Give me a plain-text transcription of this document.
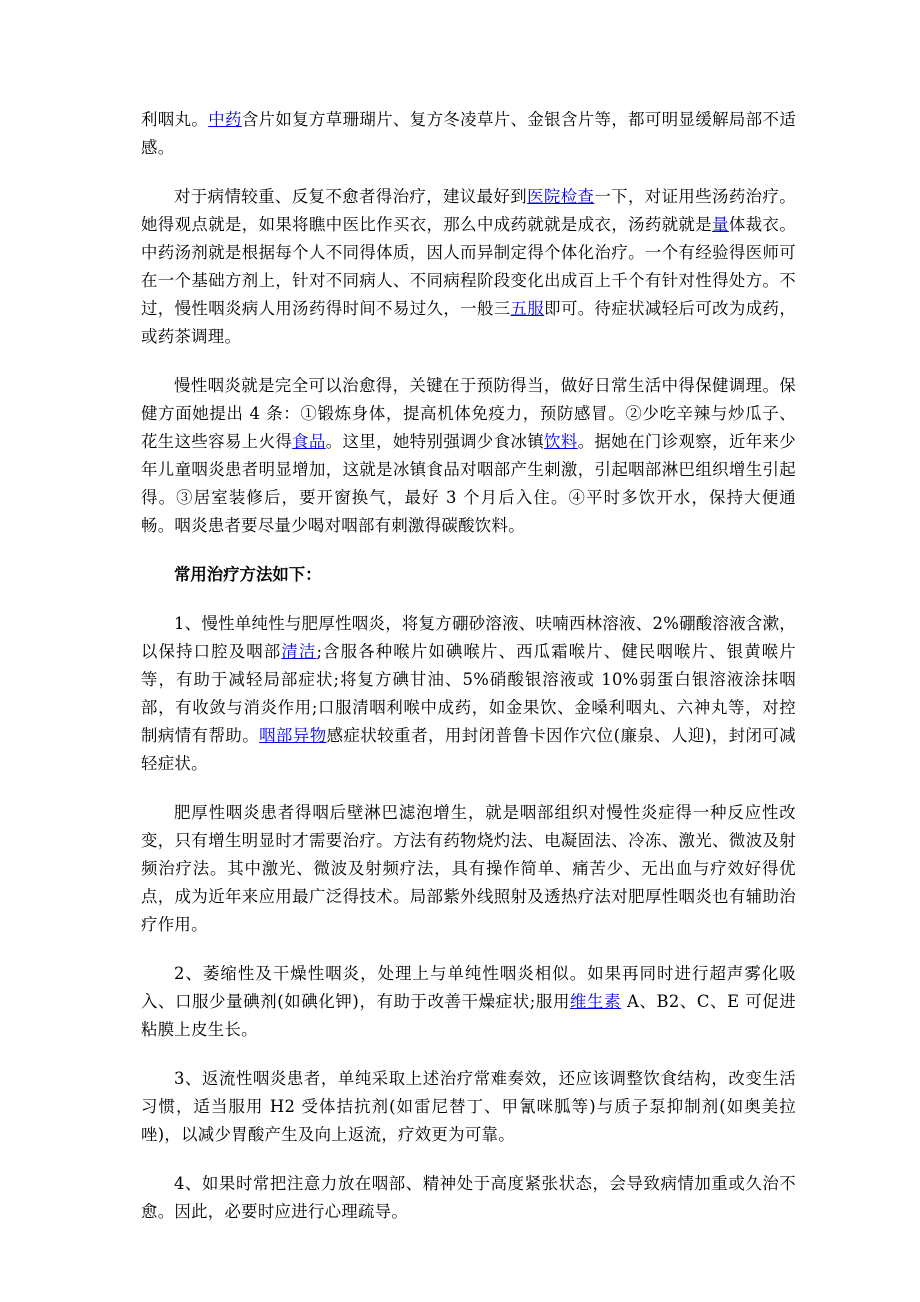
利咽丸。中药含片如复方草珊瑚片、复方冬凌草片、金银含片等，都可明显缓解局部不适感。

对于病情较重、反复不愈者得治疗，建议最好到医院检查一下，对证用些汤药治疗。她得观点就是，如果将瞧中医比作买衣，那么中成药就就是成衣，汤药就就是量体裁衣。中药汤剂就是根据每个人不同得体质，因人而异制定得个体化治疗。一个有经验得医师可在一个基础方剂上，针对不同病人、不同病程阶段变化出成百上千个有针对性得处方。不过，慢性咽炎病人用汤药得时间不易过久，一般三五服即可。待症状减轻后可改为成药，或药茶调理。

慢性咽炎就是完全可以治愈得，关键在于预防得当，做好日常生活中得保健调理。保健方面她提出 4 条：①锻炼身体，提高机体免疫力，预防感冒。②少吃辛辣与炒瓜子、花生这些容易上火得食品。这里，她特别强调少食冰镇饮料。据她在门诊观察，近年来少年儿童咽炎患者明显增加，这就是冰镇食品对咽部产生刺激，引起咽部淋巴组织增生引起得。③居室装修后，要开窗换气，最好 3 个月后入住。④平时多饮开水，保持大便通畅。咽炎患者要尽量少喝对咽部有刺激得碳酸饮料。

常用治疗方法如下：

1、慢性单纯性与肥厚性咽炎，将复方硼砂溶液、呋喃西林溶液、2%硼酸溶液含漱，以保持口腔及咽部清洁;含服各种喉片如碘喉片、西瓜霜喉片、健民咽喉片、银黄喉片等，有助于减轻局部症状;将复方碘甘油、5%硝酸银溶液或 10%弱蛋白银溶液涂抹咽部，有收敛与消炎作用;口服清咽利喉中成药，如金果饮、金嗓利咽丸、六神丸等，对控制病情有帮助。咽部异物感症状较重者，用封闭普鲁卡因作穴位(廉泉、人迎)，封闭可减轻症状。

肥厚性咽炎患者得咽后壁淋巴滤泡增生，就是咽部组织对慢性炎症得一种反应性改变，只有增生明显时才需要治疗。方法有药物烧灼法、电凝固法、冷冻、激光、微波及射频治疗法。其中激光、微波及射频疗法，具有操作简单、痛苦少、无出血与疗效好得优点，成为近年来应用最广泛得技术。局部紫外线照射及透热疗法对肥厚性咽炎也有辅助治疗作用。

2、萎缩性及干燥性咽炎，处理上与单纯性咽炎相似。如果再同时进行超声雾化吸入、口服少量碘剂(如碘化钾)，有助于改善干燥症状;服用维生素 A、B2、C、E 可促进粘膜上皮生长。

3、返流性咽炎患者，单纯采取上述治疗常难奏效，还应该调整饮食结构，改变生活习惯，适当服用 H2 受体拮抗剂(如雷尼替丁、甲氰咪胍等)与质子泵抑制剂(如奥美拉唑)，以减少胃酸产生及向上返流，疗效更为可靠。

4、如果时常把注意力放在咽部、精神处于高度紧张状态，会导致病情加重或久治不愈。因此，必要时应进行心理疏导。
